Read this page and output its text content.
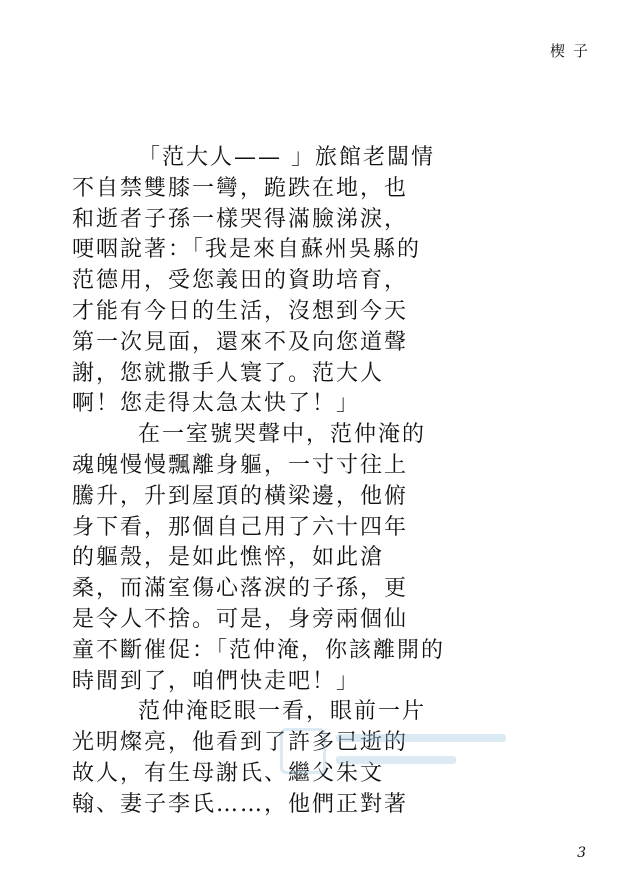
楔子
「范大人—— 」旅館老闆情
不自禁雙膝一彎，跪跌在地，也
和逝者子孫一樣哭得滿臉涕淚，
哽咽說著：「我是來自蘇州吳縣的
范德用，受您義田的資助培育，
才能有今日的生活，沒想到今天
第一次見面，還來不及向您道聲
謝，您就撒手人寰了。范大人
啊！您走得太急太快了！」
在一室號哭聲中，范仲淹的
魂魄慢慢飄離身軀，一寸寸往上
騰升，升到屋頂的橫梁邊，他俯
身下看，那個自己用了六十四年
的軀殼，是如此憔悴，如此滄
桑，而滿室傷心落淚的子孫，更
是令人不捨。可是，身旁兩個仙
童不斷催促：「范仲淹，你該離開的
時間到了，咱們快走吧！」
范仲淹眨眼一看，眼前一片
光明燦亮，他看到了許多已逝的
故人，有生母謝氏、繼父朱文
翰、妻子李氏……，他們正對著
3
